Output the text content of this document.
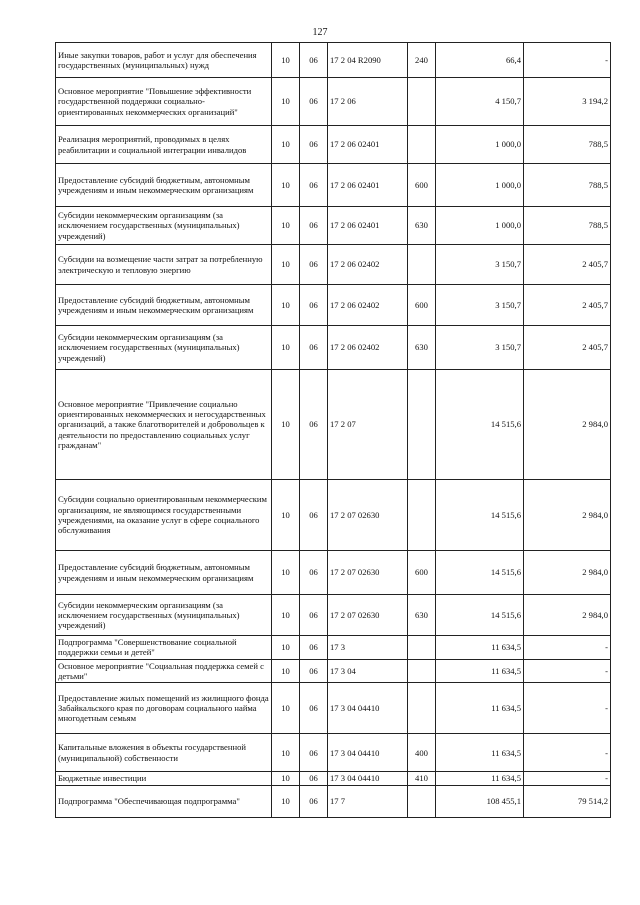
127
Иные закупки товаров, работ и услуг для обеспечения государственных (муниципальных) нужд	10	06	17 2 04 R2090	240	66,4	-
Основное мероприятие "Повышение эффективности государственной поддержки социально-ориентированных некоммерческих организаций"	10	06	17 2 06		4 150,7	3 194,2
Реализация мероприятий, проводимых в целях реабилитации и социальной интеграции инвалидов	10	06	17 2 06 02401		1 000,0	788,5
Предоставление субсидий бюджетным, автономным учреждениям и иным некоммерческим организациям	10	06	17 2 06 02401	600	1 000,0	788,5
Субсидии некоммерческим организациям (за исключением государственных (муниципальных) учреждений)	10	06	17 2 06 02401	630	1 000,0	788,5
Субсидии на возмещение части затрат за потребленную электрическую и тепловую энергию	10	06	17 2 06 02402		3 150,7	2 405,7
Предоставление субсидий бюджетным, автономным учреждениям и иным некоммерческим организациям	10	06	17 2 06 02402	600	3 150,7	2 405,7
Субсидии некоммерческим организациям (за исключением государственных (муниципальных) учреждений)	10	06	17 2 06 02402	630	3 150,7	2 405,7
Основное мероприятие "Привлечение социально ориентированных некоммерческих и негосударственных организаций, а также благотворителей и добровольцев к деятельности по предоставлению социальных услуг гражданам"	10	06	17 2 07		14 515,6	2 984,0
Субсидии социально ориентированным некоммерческим организациям, не являющимся государственными учреждениями, на оказание услуг в сфере социального обслуживания	10	06	17 2 07 02630		14 515,6	2 984,0
Предоставление субсидий бюджетным, автономным учреждениям и иным некоммерческим организациям	10	06	17 2 07 02630	600	14 515,6	2 984,0
Субсидии некоммерческим организациям (за исключением государственных (муниципальных) учреждений)	10	06	17 2 07 02630	630	14 515,6	2 984,0
Подпрограмма "Совершенствование социальной поддержки семьи и детей"	10	06	17 3		11 634,5	-
Основное мероприятие "Социальная поддержка семей с детьми"	10	06	17 3 04		11 634,5	-
Предоставление жилых помещений из жилищного фонда Забайкальского края по договорам социального найма многодетным семьям	10	06	17 3 04 04410		11 634,5	-
Капитальные вложения в объекты государственной (муниципальной) собственности	10	06	17 3 04 04410	400	11 634,5	-
Бюджетные инвестиции	10	06	17 3 04 04410	410	11 634,5	-
Подпрограмма "Обеспечивающая подпрограмма"	10	06	17 7		108 455,1	79 514,2
